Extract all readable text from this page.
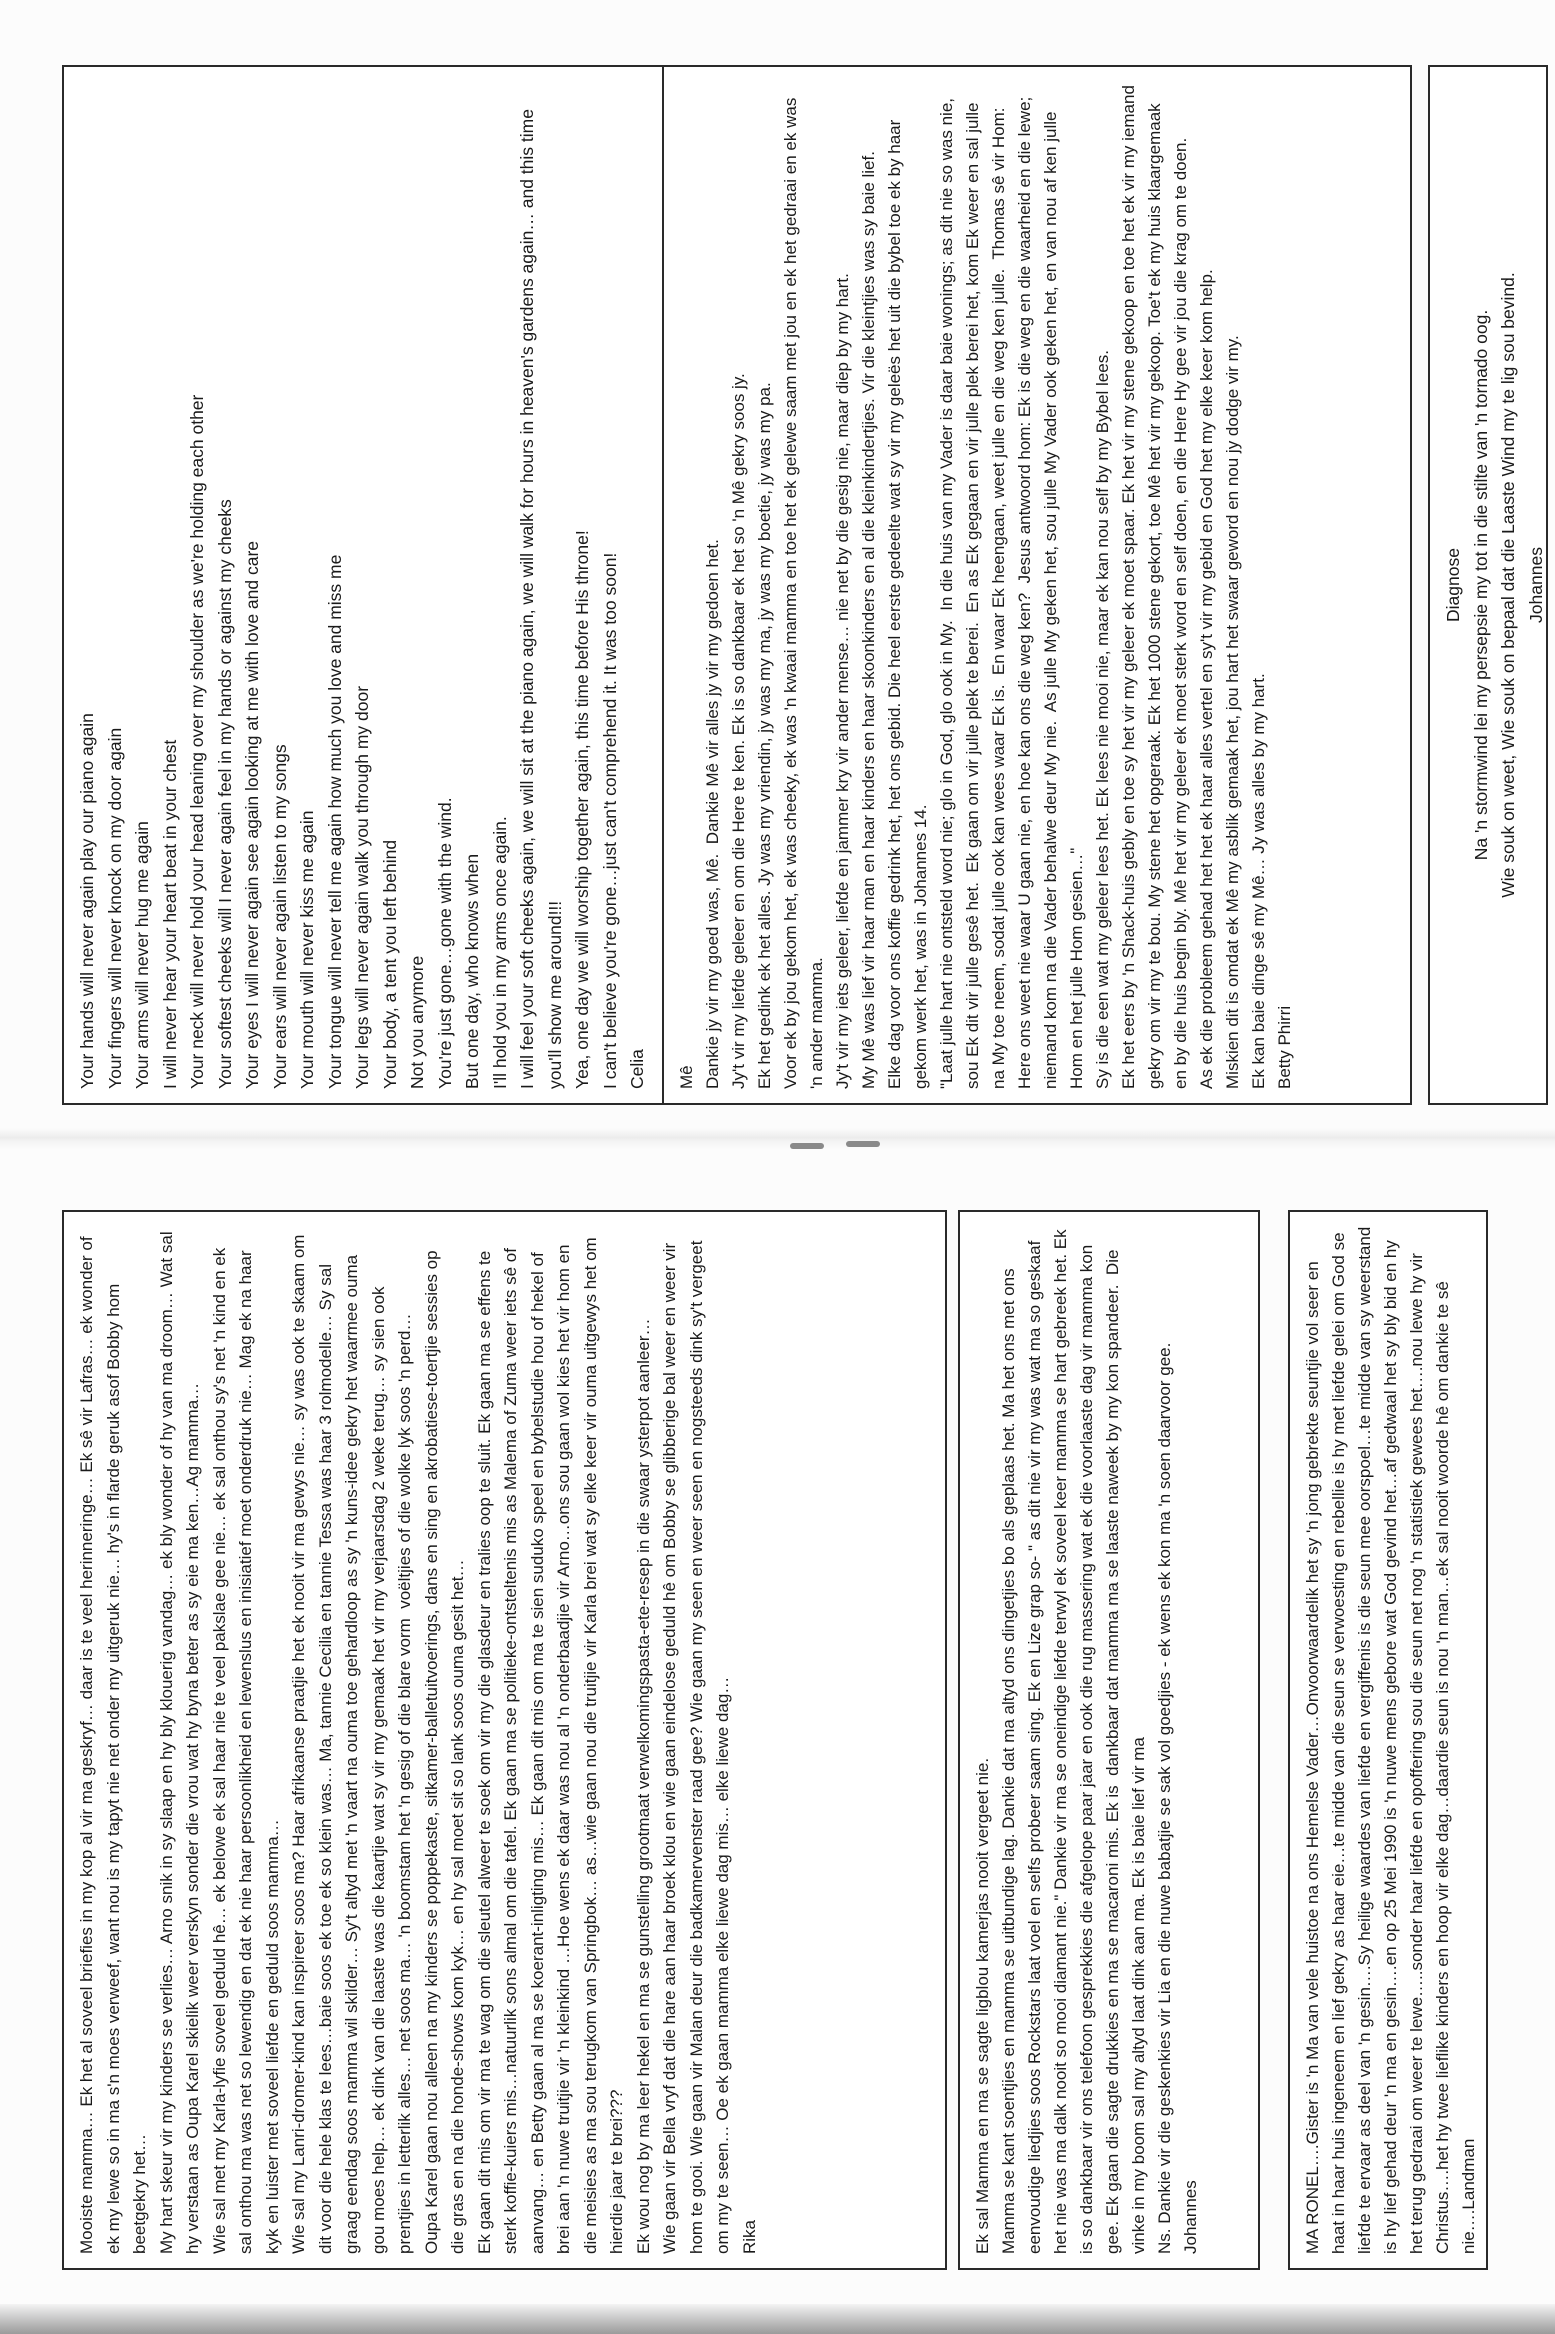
Your hands will never again play our piano again Your fingers will never knock on my door again Your arms will never hug me again I will never hear your heart beat in your chest Your neck will never hold your head leaning over my shoulder as we're holding each other Your softest cheeks will I never again feel in my hands or against my cheeks Your eyes I will never again see again looking at me with love and care Your ears will never again listen to my songs Your mouth will never kiss me again Your tongue will never tell me again how much you love and miss me Your legs will never again walk you through my door Your body, a tent you left behind Not you anymore You're just gone…gone with the wind. But one day, who knows when I'll hold you in my arms once again. I will feel your soft cheeks again, we will sit at the piano again, we will walk for hours in heaven's gardens again… and this time you'll show me around!!! Yea, one day we will worship together again, this time before His throne! I can't believe you're gone…just can't comprehend it. It was too soon! Celia Mê Dankie jy vir my goed was, Mê.  Dankie Mê vir alles jy vir my gedoen het. Jy't vir my liefde geleer en om die Here te ken. Ek is so dankbaar ek het so 'n Mê gekry soos jy. Ek het gedink ek het alles. Jy was my vriendin, jy was my ma, jy was my boetie, jy was my pa. Voor ek by jou gekom het, ek was cheeky, ek was 'n kwaai mamma en toe het ek gelewe saam met jou en ek het gedraai en ek was 'n ander mamma. Jy't vir my iets geleer, liefde en jammer kry vir ander mense… nie net by die gesig nie, maar diep by my hart. My Mê was lief vir haar man en haar kinders en haar skoonkinders en al die kleinkindertjies. Vir die kleintjies was sy baie lief. Elke dag voor ons koffie gedrink het, het ons gebid. Die heel eerste gedeelte wat sy vir my geleës het uit die bybel toe ek by haar gekom werk het, was in Johannes 14. "Laat julle hart nie ontsteld word nie; glo in God, glo ook in My.  In die huis van my Vader is daar baie wonings; as dit nie so was nie, sou Ek dit vir julle gesê het.  Ek gaan om vir julle plek te berei.  En as Ek gegaan en vir julle plek berei het, kom Ek weer en sal julle na My toe neem, sodat julle ook kan wees waar Ek is.  En waar Ek heengaan, weet julle en die weg ken julle.  Thomas sê vir Hom: Here ons weet nie waar U gaan nie, en hoe kan ons die weg ken?  Jesus antwoord hom: Ek is die weg en die waarheid en die lewe; niemand kom na die Vader behalwe deur My nie.  As julle My geken het, sou julle My Vader ook geken het, en van nou af ken julle Hom en het julle Hom gesien…" Sy is die een wat my geleer lees het. Ek lees nie mooi nie, maar ek kan nou self by my Bybel lees. Ek het eers by 'n Shack-huis gebly en toe sy het vir my geleer ek moet spaar. Ek het vir my stene gekoop en toe het ek vir my iemand gekry om vir my te bou. My stene het opgeraak. Ek het 1000 stene gekort, toe Mê het vir my gekoop. Toe't ek my huis klaargemaak en by die huis begin bly. Mê het vir my geleer ek moet sterk word en self doen, en die Here Hy gee vir jou die krag om te doen. As ek die probleem gehad het het ek haar alles vertel en sy't vir my gebid en God het my elke keer kom help. Miskien dit is omdat ek Mê my asblik gemaak het, jou hart het swaar geword en nou jy dodge vir my. Ek kan baie dinge sê my Mê… Jy was alles by my hart. Betty Phirri

Diagnose Na 'n stormwind lei my persepsie my tot in die stilte van 'n tornado oog. Wie souk on weet, Wie souk on bepaal dat die Laaste Wind my te lig sou bevind. Johannes

Mooiste mamma… Ek het al soveel briefies in my kop al vir ma geskryf… daar is te veel herinneringe… Ek sê vir Lafras… ek wonder of ek my lewe so in ma s'n moes verweef, want nou is my tapyt nie net onder my uitgeruk nie… hy's in flarde geruk asof Bobby hom beetgekry het… My hart skeur vir my kinders se verlies… Arno snik in sy slaap en hy bly klouerig vandag… ek bly wonder of hy van ma droom… Wat sal hy verstaan as Oupa Karel skielik weer verskyn sonder die vrou wat hy byna beter as sy eie ma ken…Ag mamma… Wie sal met my Karla-lyfie soveel geduld hê… ek belowe ek sal haar nie te veel pakslae gee nie… ek sal onthou sy's net 'n kind en ek sal onthou ma was net so lewendig en dat ek nie haar persoonlikheid en lewenslus en inisiatief moet onderdruk nie… Mag ek na haar kyk en luister met soveel liefde en geduld soos mamma… Wie sal my Lanri-dromer-kind kan inspireer soos ma? Haar afrikaanse praatjie het ek nooit vir ma gewys nie… sy was ook te skaam om dit voor die hele klas te lees…baie soos ek toe ek so klein was… Ma, tannie Cecilia en tannie Tessa was haar 3 rolmodelle… Sy sal graag eendag soos mamma wil skilder… Sy't altyd met 'n vaart na ouma toe gehardloop as sy 'n kuns-idee gekry het waarmee ouma gou moes help… ek dink van die laaste was die kaartjie wat sy vir my gemaak het vir my verjaarsdag 2 weke terug… sy sien ook prentjies in letterlik alles… net soos ma… 'n boomstam het 'n gesig of die blare vorm  voëltjies of die wolke lyk soos 'n perd… Oupa Karel gaan nou alleen na my kinders se poppekaste, sitkamer-balletuitvoerings, dans en sing en akrobatiese-toertjie sessies op die gras en na die honde-shows kom kyk… en hy sal moet sit so lank soos ouma gesit het… Ek gaan dit mis om vir ma te wag om die sleutel alweer te soek om vir my die glasdeur en tralies oop te sluit. Ek gaan ma se effens te sterk koffie-kuiers mis…natuurlik sons almal om die tafel. Ek gaan ma se politieke-ontsteltenis mis as Malema of Zuma weer iets sê of aanvang… en Betty gaan al ma se koerant-inligting mis… Ek gaan dit mis om ma te sien suduko speel en bybelstudie hou of hekel of brei aan 'n nuwe truitjie vir 'n kleinkind …Hoe wens ek daar was nou al 'n onderbaadjie vir Arno…ons sou gaan wol kies het vir hom en die meisies as ma sou terugkom van Springbok… as…wie gaan nou die truitjie vir Karla brei wat sy elke keer vir ouma uitgewys het om hierdie jaar te brei??? Ek wou nog by ma leer hekel en ma se gunstelling grootmaat verwelkomingspasta-ete-resep in die swaar ysterpot aanleer… Wie gaan vir Bella vryf dat die hare aan haar broek klou en wie gaan eindelose geduld hê om Bobby se glibberige bal weer en weer vir hom te gooi. Wie gaan vir Malan deur die badkamervenster raad gee? Wie gaan my seen en weer seen en nogsteeds dink sy't vergeet om my te seen… Oe ek gaan mamma elke liewe dag mis… elke liewe dag… Rika	Ek sal Mamma en ma se sagte ligblou kamerjas nooit vergeet nie. Mamma se kant soentjies en mamma se uitbundige lag. Dankie dat ma altyd ons dingetjies bo als geplaas het. Ma het ons met ons eenvoudige liedjies soos Rockstars laat voel en selfs probeer saam sing. Ek en Lize grap so- " as dit nie vir my was wat ma so geskaaf het nie was ma dalk nooit so mooi diamant nie." Dankie vir ma se oneindige liefde terwyl ek soveel keer mamma se hart gebreek het. Ek is so dankbaar vir ons telefoon gesprekkies die afgelope paar jaar en ook die rug massering wat ek die voorlaaste dag vir mamma kon gee. Ek gaan die sagte drukkies en ma se macaroni mis. Ek is  dankbaar dat mamma ma se laaste naweek by my kon spandeer.  Die vinke in my boom sal my altyd laat dink aan ma. Ek is baie lief vir ma Ns. Dankie vir die geskenkies vir Lia en die nuwe babatjie se sak vol goedjies - ek wens ek kon ma 'n soen daarvoor gee. Johannes	MA RONEL….Gister is 'n Ma van vele huistoe na ons Hemelse Vader…Onvoorwaardelik het sy 'n jong gebrekte seuntjie vol seer en haat in haar huis ingeneem en lief gekry as haar eie…te midde van die seun se verwoesting en rebellie is hy met liefde gelei om God se liefde te ervaar as deel van 'n gesin….Sy heilige waardes van liefde en vergiffenis is die seun mee oorspoel…te midde van sy weerstand is hy lief gehad deur 'n ma en gesin….en op 25 Mei 1990 is 'n nuwe mens gebore wat God gevind het…af gedwaal het sy bly bid en hy het terug gedraai om weer te lewe…..sonder haar liefde en opoffering sou die seun net nog 'n statistiek gewees het….nou lewe hy vir Christus….het hy twee lieflike kinders en hoop vir elke dag…daardie seun is nou 'n man…ek sal nooit woorde hê om dankie te sê nie….Landman
